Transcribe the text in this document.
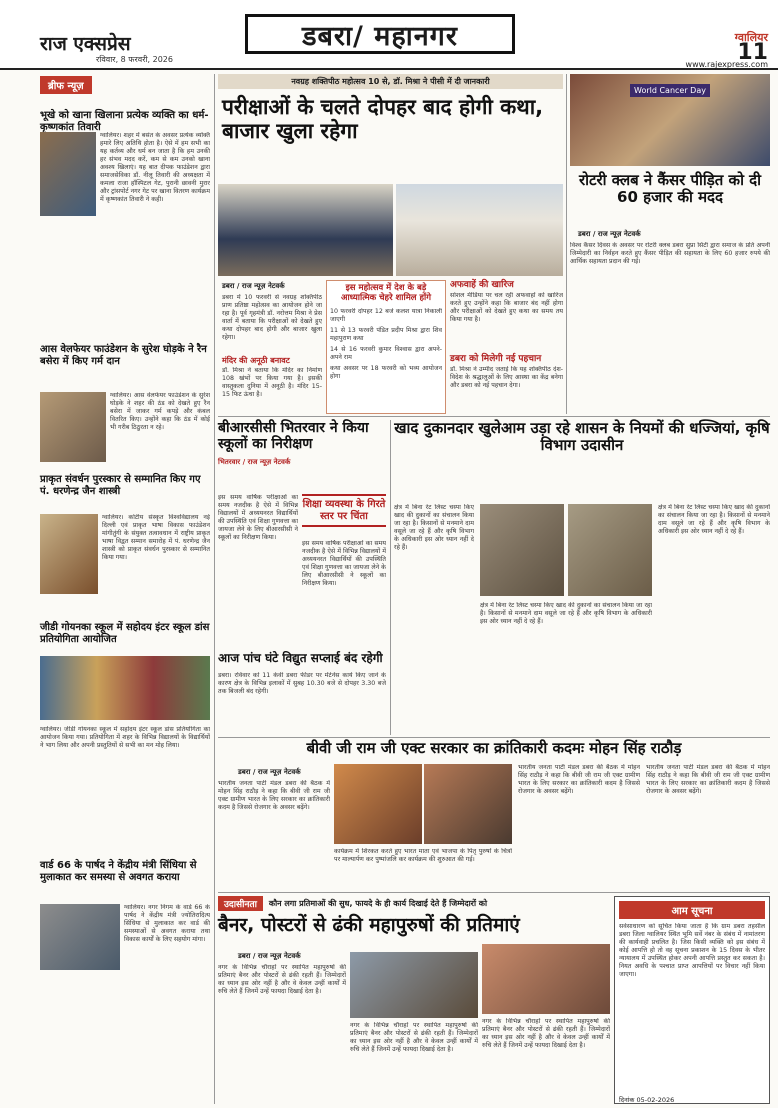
राज एक्सप्रेस
रविवार, 8 फरवरी, 2026
डबरा/ महानगर	ग्वालियर
11
www.rajexpress.com
ब्रीफ न्यूज़
भूखे को खाना खिलाना प्रत्येक व्यक्ति का धर्म- कृष्णकांत तिवारी
ग्वालियर। शहर में बसंत के अवसर प्रत्येक व्यक्ति हमारे लिए अतिथि होता है। ऐसे में हम सभी का यह कर्तव्य और धर्म बन जाता है कि हम उनकी हर संभव मदद करें, कम से कम उनको खाना अवश्य खिलाएं। यह बात दीपक फाउंडेशन द्वारा समाजसेविका डॉ. नीलू तिवारी की अध्यक्षता में कमला राजा हॉस्पिटल गेट, पुरानी छावनी मुरार और ट्रांसपोर्ट नगर गेट पर खाना वितरण कार्यक्रम में कृष्णकांत तिवारी ने कही।
आस वेलफेयर फाउंडेशन के सुरेश घोड़के ने रैन बसेरा में किए गर्म दान
ग्वालियर। आस वेलफेयर फाउंडेशन के सुरेश घोड़के ने शहर की ठंड को देखते हुए रैन बसेरा में जाकर गर्म कपड़े और कंबल वितरित किए। उन्होंने कहा कि ठंड में कोई भी गरीब ठिठुरता न रहे।
प्राकृत संवर्धन पुरस्कार से सम्मानित किए गए पं. धरणेन्द्र जैन शास्त्री
ग्वालियर। कोटीय संस्कृत विश्वविद्यालय नई दिल्ली एवं प्राकृत भाषा विकास फाउंडेशन मांगीतुंगी के संयुक्त तत्वावधान में राष्ट्रीय प्राकृत भाषा विद्वत सम्मान समारोह में पं. धरणेन्द्र जैन शास्त्री को प्राकृत संवर्धन पुरस्कार से सम्मानित किया गया।
जीडी गोयनका स्कूल में सहोदय इंटर स्कूल डांस प्रतियोगिता आयोजित
ग्वालियर। जीडी गोयनका स्कूल में सहोदय इंटर स्कूल डांस प्रतियोगिता का आयोजन किया गया। प्रतियोगिता में शहर के विभिन्न विद्यालयों के विद्यार्थियों ने भाग लिया और अपनी प्रस्तुतियों से सभी का मन मोह लिया।
वार्ड 66 के पार्षद ने केंद्रीय मंत्री सिंधिया से मुलाकात कर समस्या से अवगत कराया
ग्वालियर। नगर निगम के वार्ड 66 के पार्षद ने केंद्रीय मंत्री ज्योतिरादित्य सिंधिया से मुलाकात कर वार्ड की समस्याओं से अवगत कराया तथा विकास कार्यों के लिए सहयोग मांगा।
नवग्रह शक्तिपीठ महोत्सव 10 से, डॉ. मिश्रा ने पीसी में दी जानकारी
परीक्षाओं के चलते दोपहर बाद होगी कथा, बाजार खुला रहेगा
डबरा / राज न्यूज़ नेटवर्क
डबरा में 10 फरवरी से नवग्रह शक्तिपीठ प्राण प्रतिष्ठा महोत्सव का आयोजन होने जा रहा है। पूर्व गृहमंत्री डॉ. नरोत्तम मिश्रा ने प्रेस वार्ता में बताया कि परीक्षाओं को देखते हुए कथा दोपहर बाद होगी और बाजार खुला रहेगा।
मंदिर की अनूठी बनावट
डॉ. मिश्रा ने बताया कि मंदिर का निर्माण 108 खंभों पर किया गया है। इसकी वास्तुकला दुनिया में अनूठी है। मंदिर 15-15 फिट ऊंचा है।
इस महोत्सव में देश के बड़े आध्यात्मिक चेहरे शामिल होंगे
10 फरवरी दोपहर 12 बजे कलश यात्रा निकाली जाएगी
11 से 13 फरवरी पंडित प्रदीप मिश्रा द्वारा शिव महापुराण कथा
14 से 16 फरवरी कुमार विश्वास द्वारा अपने-अपने राम
कथा अवसर पर 18 फरवरी को भव्य आयोजन होगा
अफवाहें की खारिज
सोशल मीडिया पर चल रही अफवाहों को खारिज करते हुए उन्होंने कहा कि बाजार बंद नहीं होगा और परीक्षाओं को देखते हुए कथा का समय तय किया गया है।
डबरा को मिलेगी नई पहचान
डॉ. मिश्रा ने उम्मीद जताई कि यह शक्तिपीठ देश-विदेश के श्रद्धालुओं के लिए आस्था का केंद्र बनेगा और डबरा को नई पहचान देगा।
World Cancer Day
रोटरी क्लब ने कैंसर पीड़ित को दी 60 हजार की मदद
डबरा / राज न्यूज़ नेटवर्क
विश्व कैंसर दिवस के अवसर पर रोटरी क्लब डबरा सुप्रा सिटी द्वारा समाज के प्रति अपनी जिम्मेदारी का निर्वहन करते हुए कैंसर पीड़ित की सहायता के लिए 60 हजार रुपये की आर्थिक सहायता प्रदान की गई।
बीआरसीसी भितरवार ने किया स्कूलों का निरीक्षण
भितरवार / राज न्यूज़ नेटवर्क
इस समय वार्षिक परीक्षाओं का समय नजदीक है ऐसे में विभिन्न विद्यालयों में अध्ययनरत विद्यार्थियों की उपस्थिति एवं शिक्षा गुणवत्ता का जायजा लेने के लिए बीआरसीसी ने स्कूलों का निरीक्षण किया।
शिक्षा व्यवस्था के गिरते स्तर पर चिंता
इस समय वार्षिक परीक्षाओं का समय नजदीक है ऐसे में विभिन्न विद्यालयों में अध्ययनरत विद्यार्थियों की उपस्थिति एवं शिक्षा गुणवत्ता का जायजा लेने के लिए बीआरसीसी ने स्कूलों का निरीक्षण किया।
आज पांच घंटे विद्युत सप्लाई बंद रहेगी
डबरा। रविवार को 11 केवी डबरा फीडर पर मेंटेनेंस कार्य किए जाने के कारण क्षेत्र के विभिन्न इलाकों में सुबह 10.30 बजे से दोपहर 3.30 बजे तक बिजली बंद रहेगी।
खाद दुकानदार खुलेआम उड़ा रहे शासन के नियमों की धज्जियां, कृषि विभाग उदासीन
क्षेत्र में बिना रेट लिस्ट चस्पा किए खाद की दुकानों का संचालन किया जा रहा है। किसानों से मनमाने दाम वसूले जा रहे हैं और कृषि विभाग के अधिकारी इस ओर ध्यान नहीं दे रहे हैं।
क्षेत्र में बिना रेट लिस्ट चस्पा किए खाद की दुकानों का संचालन किया जा रहा है। किसानों से मनमाने दाम वसूले जा रहे हैं और कृषि विभाग के अधिकारी इस ओर ध्यान नहीं दे रहे हैं।
क्षेत्र में बिना रेट लिस्ट चस्पा किए खाद की दुकानों का संचालन किया जा रहा है। किसानों से मनमाने दाम वसूले जा रहे हैं और कृषि विभाग के अधिकारी इस ओर ध्यान नहीं दे रहे हैं।
बीवी जी राम जी एक्ट सरकार का क्रांतिकारी कदमः मोहन सिंह राठौड़
डबरा / राज न्यूज़ नेटवर्क
भारतीय जनता पार्टी मंडल डबरा की बैठक में मोहन सिंह राठौड़ ने कहा कि बीवी जी राम जी एक्ट ग्रामीण भारत के लिए सरकार का क्रांतिकारी कदम है जिससे रोजगार के अवसर बढ़ेंगे।
कार्यक्रम में शिरकत करते हुए भारत माता एवं भाजपा के पितृ पुरुषों के चित्रों पर माल्यार्पण कर पुष्पांजलि कर कार्यक्रम की शुरुआत की गई।
भारतीय जनता पार्टी मंडल डबरा की बैठक में मोहन सिंह राठौड़ ने कहा कि बीवी जी राम जी एक्ट ग्रामीण भारत के लिए सरकार का क्रांतिकारी कदम है जिससे रोजगार के अवसर बढ़ेंगे।
भारतीय जनता पार्टी मंडल डबरा की बैठक में मोहन सिंह राठौड़ ने कहा कि बीवी जी राम जी एक्ट ग्रामीण भारत के लिए सरकार का क्रांतिकारी कदम है जिससे रोजगार के अवसर बढ़ेंगे।
उदासीनता	कौन लगा प्रतिमाओं की सुध, फायदे के ही कार्य दिखाई देते हैं जिम्मेदारों को
बैनर, पोस्टरों से ढंकी महापुरुषों की प्रतिमाएं
डबरा / राज न्यूज़ नेटवर्क
नगर के विभिन्न चौराहों पर स्थापित महापुरुषों की प्रतिमाएं बैनर और पोस्टरों से ढंकी रहती हैं। जिम्मेदारों का ध्यान इस ओर नहीं है और वे केवल उन्हीं कार्यों में रुचि लेते हैं जिनमें उन्हें फायदा दिखाई देता है।
नगर के विभिन्न चौराहों पर स्थापित महापुरुषों की प्रतिमाएं बैनर और पोस्टरों से ढंकी रहती हैं। जिम्मेदारों का ध्यान इस ओर नहीं है और वे केवल उन्हीं कार्यों में रुचि लेते हैं जिनमें उन्हें फायदा दिखाई देता है।
नगर के विभिन्न चौराहों पर स्थापित महापुरुषों की प्रतिमाएं बैनर और पोस्टरों से ढंकी रहती हैं। जिम्मेदारों का ध्यान इस ओर नहीं है और वे केवल उन्हीं कार्यों में रुचि लेते हैं जिनमें उन्हें फायदा दिखाई देता है।
आम सूचना
सर्वसाधारण को सूचित किया जाता है कि ग्राम डबरा तहसील डबरा जिला ग्वालियर स्थित भूमि सर्वे नंबर के संबंध में नामांतरण की कार्यवाही प्रचलित है। जिस किसी व्यक्ति को इस संबंध में कोई आपत्ति हो तो वह सूचना प्रकाशन के 15 दिवस के भीतर न्यायालय में उपस्थित होकर अपनी आपत्ति प्रस्तुत कर सकता है। नियत अवधि के पश्चात प्राप्त आपत्तियों पर विचार नहीं किया जाएगा।
दिनांक 05-02-2026
